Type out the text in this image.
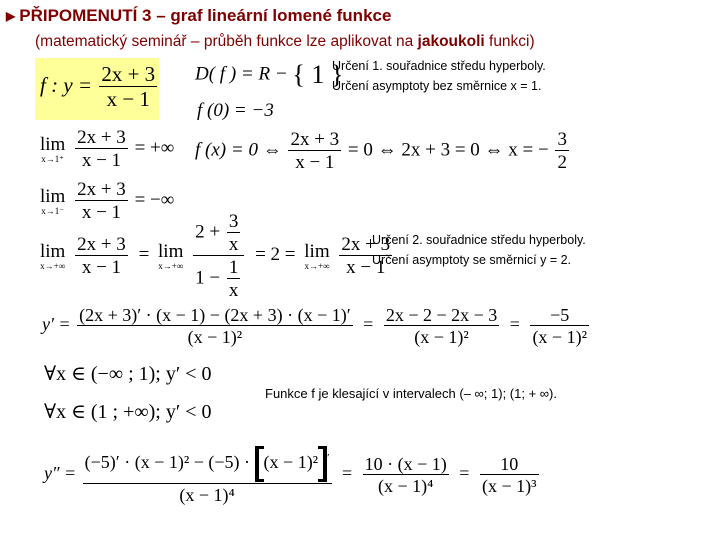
▶ PŘIPOMENUTÍ 3 – graf lineární lomené funkce
(matematický seminář – průběh funkce lze aplikovat na jakoukoli funkci)
f : $y = \frac{2x + 3}{x - 1} D$( f ) = R − { 1 }
Určení 1. souřadnice středu hyperboly.
Určení asymptoty bez směrnice x = 1.
f (0) = −3
f (x) = 0 ⇔ $\frac{2x + 3}{x - 1} = 0$ ⇔ 2x + 3 = 0 ⇔ x = − $\frac{3}{2}$
lim
x→1⁺
$\frac{2x + 3}{x - 1}$ = +∞
lim
x→1⁻
$\frac{2x + 3}{x - 1}$ = −∞
lim
x→+∞
$\frac{2x + 3}{x - 1} = \lim$
x→+∞
$\frac{2 + \frac{3}{x}}{1 - \frac{1}{x}} = 2 = \lim$
x→+∞
$\frac{2x + 3}{x - 1}$
Určení 2. souřadnice středu hyperboly.
Určení asymptoty se směrnicí y = 2.
$y' = \frac{(2x + 3)' \cdot (x - 1) - (2x + 3) \cdot (x - 1)'}{\text{(x − 1)²}} = \frac{2x - 2 - 2x - 3}{\text{(x − 1)²}} = \frac{-5}{\text{(x − 1)²}}$
∀x ∈ (−∞ ; 1); y′ < 0
∀x ∈ (1 ; +∞); y′ < 0
Funkce f je klesající v intervalech (– ∞; 1); (1; + ∞).
$y'' = \frac{(-5)' \cdot (x - 1)^2 - (-5) \cdot (x - 1)^2 '}{\text{(x − 1)⁴}} = \frac{10 \cdot (x - 1)}{\text{(x − 1)⁴}} = \frac{10}{\text{(x − 1)³}}$
